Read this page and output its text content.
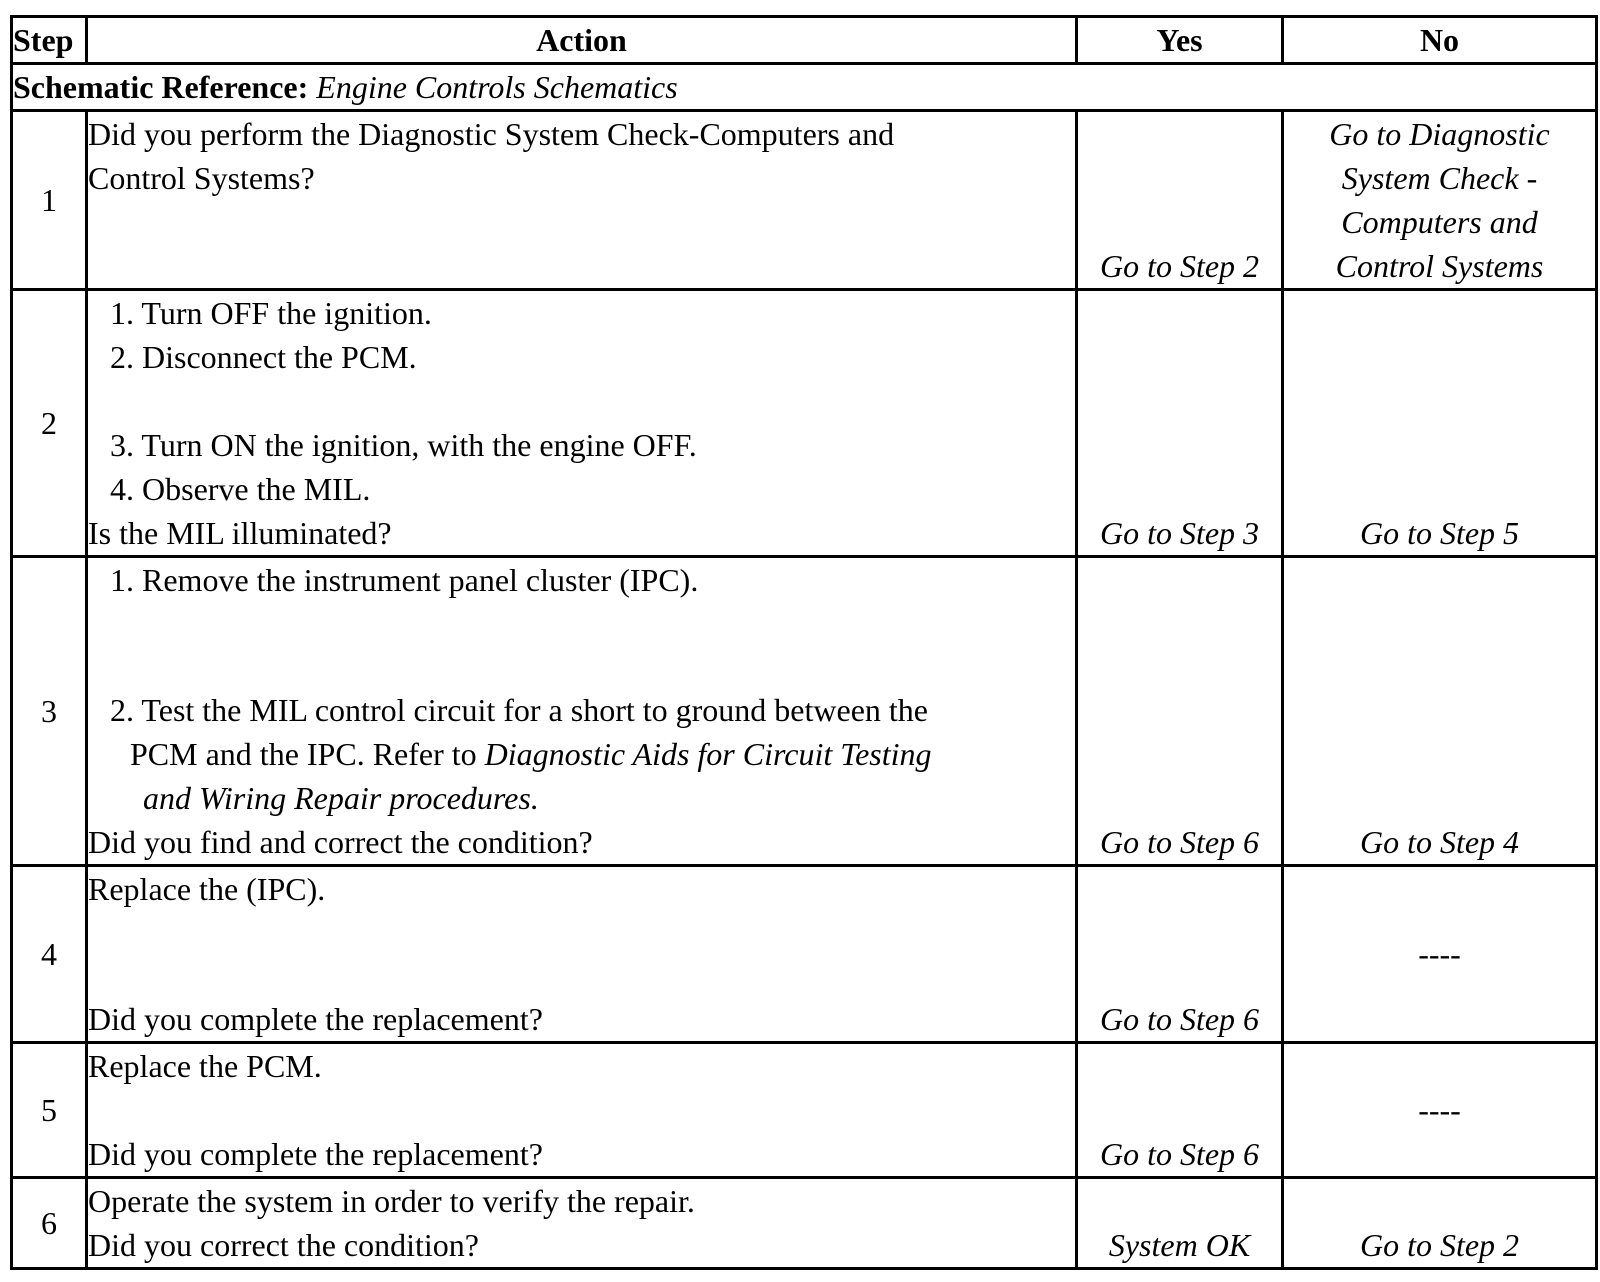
Step	Action	Yes	No
Schematic Reference: Engine Controls Schematics			
1	Did you perform the Diagnostic System Check-Computers and
Control Systems?	Go to Step 2	Go to Diagnostic
System Check -
Computers and
Control Systems

2	1. Turn OFF the ignition.
2. Disconnect the PCM.
3. Turn ON the ignition, with the engine OFF.
4. Observe the MIL.
Is the MIL illuminated?	Go to Step 3	Go to Step 5
3	1. Remove the instrument panel cluster (IPC).
2. Test the MIL control circuit for a short to ground between the
PCM and the IPC. Refer to Diagnostic Aids for Circuit Testing
and Wiring Repair procedures.
Did you find and correct the condition?	Go to Step 6	Go to Step 4
4	Replace the (IPC).
Did you complete the replacement?	Go to Step 6	----
5	Replace the PCM.
Did you complete the replacement?	Go to Step 6	----
6	Operate the system in order to verify the repair.
Did you correct the condition?	System OK	Go to Step 2
